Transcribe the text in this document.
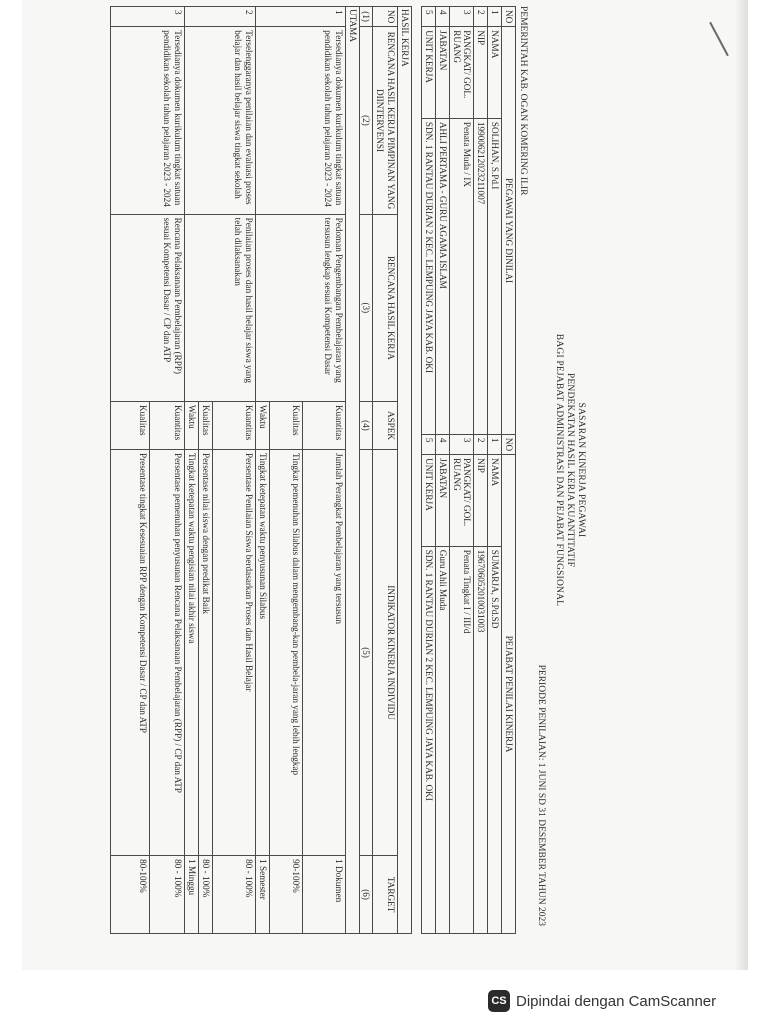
SASARAN KINERJA PEGAWAI
PENDEKATAN HASIL KERJA KUANTITATIF
BAGI PEJABAT ADMINISTRASI DAN PEJABAT FUNGSIONAL
PERIODE PENILAIAN: 1 JUNI SD 31 DESEMBER TAHUN 2023
PEMERINTAH KAB. OGAN KOMERING ILIR
NO	PEGAWAI YANG DINILAI		NO	PEJABAT PENILAI KINERJA	
1	NAMA	SOLIHAN, S.Pd.I	1	NAMA	SUMARJA, S.Pd.SD
2	NIP	199006212023211007	2	NIP	196706052010031003
3	PANGKAT/ GOL. RUANG	Penata Muda / IX	3	PANGKAT/ GOL. RUANG	Penata Tingkat I / III/d
4	JABATAN	AHLI PERTAMA - GURU AGAMA ISLAM	4	JABATAN	Guru Ahli Muda
5	UNIT KERJA	SDN. 1 RANTAU DURIAN 2 KEC. LEMPUING JAYA KAB. OKI	5	UNIT KERJA	SDN. 1 RANTAU DURIAN 2 KEC. LEMPUING JAYA KAB. OKI
HASIL KERJA					
NO	RENCANA HASIL KERJA PIMPINAN YANG DIINTERVENSI	RENCANA HASIL KERJA	ASPEK	INDIKATOR KINERJA INDIVIDU	TARGET
(1)	(2)	(3)	(4)	(5)	(6)
UTAMA					
1	Tersedianya dokumen kurikulum tingkat satuan pendidikan sekolah tahun pelajaran 2023 - 2024	Pedoman Pengembangan Pembelajaran yang tersusun lengkap sesuai Kompetensi Dasar	Kuantitas	Jumlah Perangkat Pembelajaran yang tersusun	1 Dokumen
			Kualitas	Tingkat pemenuhan Silabus dalam mengembang-kan pembela-jaran yang lebih lengkap	90-100%
			Waktu	Tingkat ketepatan waktu penyusunan Silabus	1 Semester
2	Terselenggaranya penilaian dan evaluasi proses belajar dan hasil belajar siswa tingkat sekolah	Penilaian proses dan hasil belajar siswa yang telah dilaksanakan	Kuantitas	Persentase Penilaian Siswa berdasarkan Proses dan Hasil Belajar	80 - 100%
			Kualitas	Persentase nilai siswa dengan predikat Baik	80 - 100%
			Waktu	Tingkat ketepatan waktu pengisian nilai akhir siswa	1 Minggu
3	Tersedianya dokumen kurikulum tingkat satuan pendidikan sekolah tahun pelajaran 2023 - 2024	Rencana Pelaksanaan Pembelajaran (RPP) sesuai Kompetensi Dasar / CP dan ATP	Kuantitas	Persentase pemenuhan penyusunan Rencana Pelaksanaan Pembelajaran (RPP) / CP dan ATP	80 - 100%
			Kualitas	Presentase tingkat Kesesuaian RPP dengan Kompetensi Dasar / CP dan ATP	80-100%
CS Dipindai dengan CamScanner
